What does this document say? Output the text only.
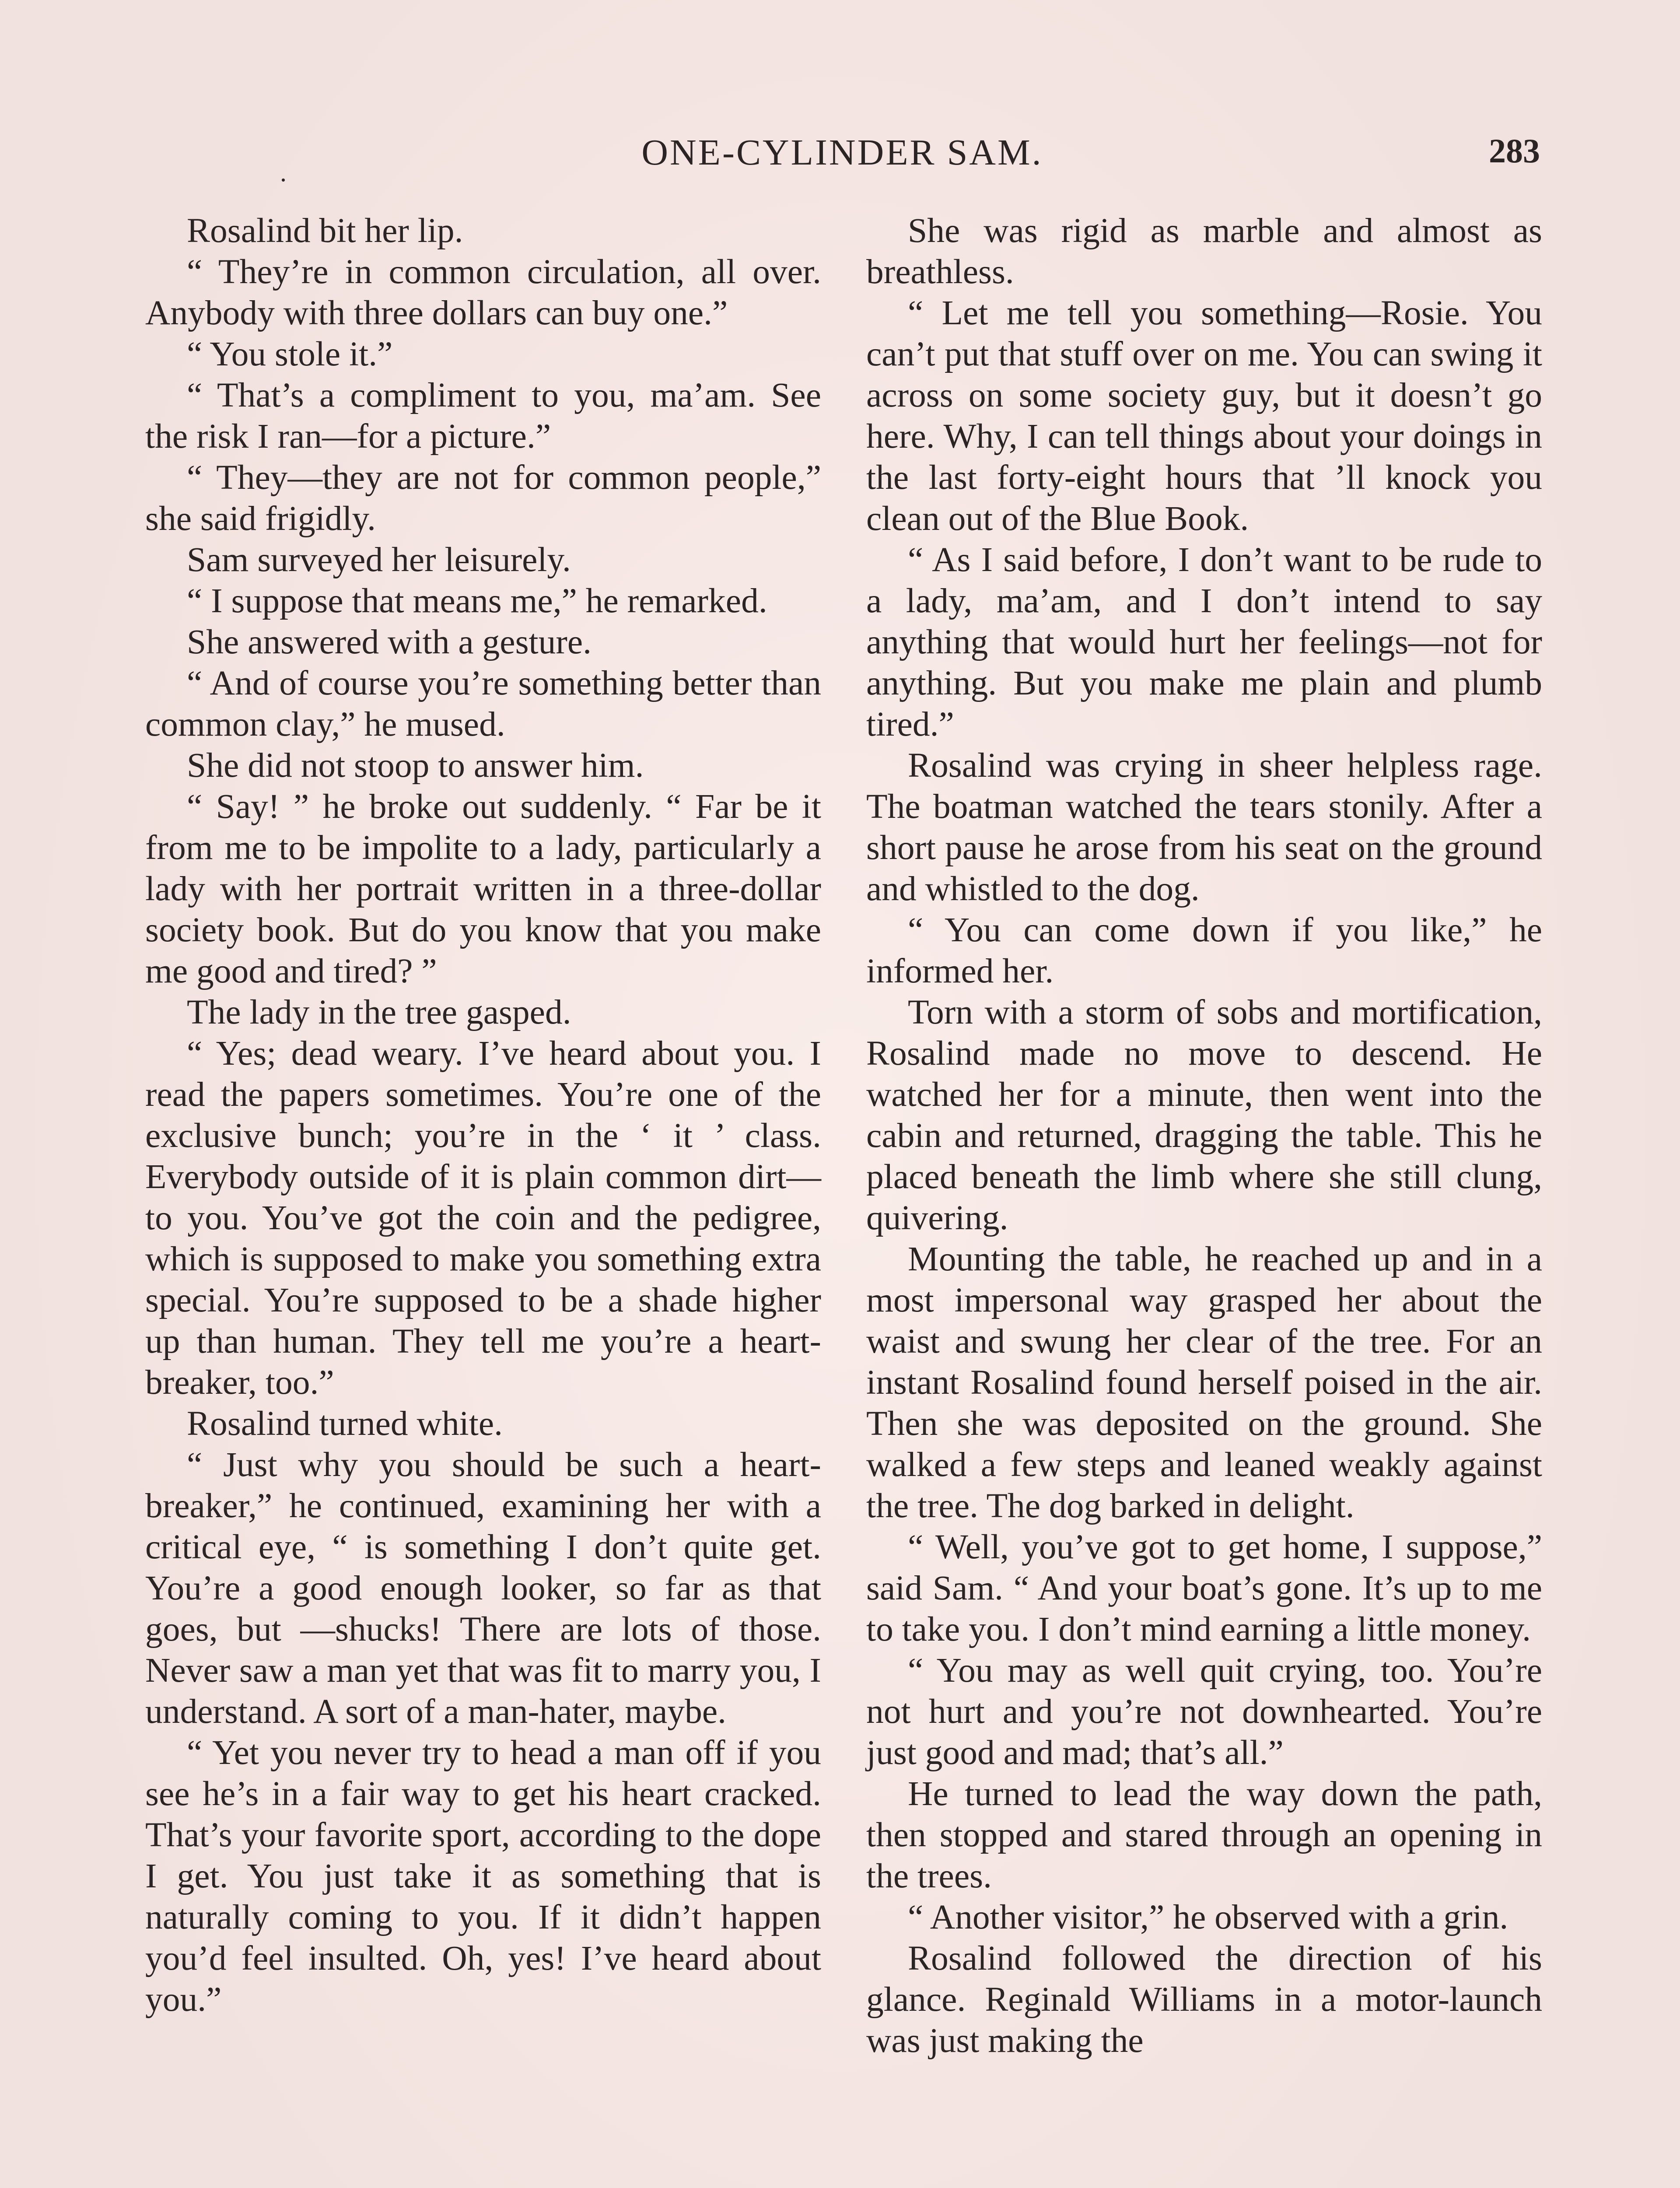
.	ONE-CYLINDER SAM.	283

Rosalind bit her lip.

“ They’re in common circulation, all over. Anybody with three dollars can buy one.”

“ You stole it.”

“ That’s a compliment to you, ma’am. See the risk I ran—for a picture.”

“ They—they are not for common people,” she said frigidly.

Sam surveyed her leisurely.

“ I suppose that means me,” he remarked.

She answered with a gesture.

“ And of course you’re something better than common clay,” he mused.

She did not stoop to answer him.

“ Say! ” he broke out suddenly. “ Far be it from me to be impolite to a lady, particularly a lady with her portrait written in a three-dollar society book. But do you know that you make me good and tired? ”

The lady in the tree gasped.

“ Yes; dead weary. I’ve heard about you. I read the papers sometimes. You’re one of the exclusive bunch; you’re in the ‘ it ’ class. Everybody outside of it is plain common dirt—to you. You’ve got the coin and the pedigree, which is supposed to make you something extra special. You’re supposed to be a shade higher up than human. They tell me you’re a heart-breaker, too.”

Rosalind turned white.

“ Just why you should be such a heart-breaker,” he continued, examining her with a critical eye, “ is something I don’t quite get. You’re a good enough looker, so far as that goes, but —shucks! There are lots of those. Never saw a man yet that was fit to marry you, I understand. A sort of a man-hater, maybe.

“ Yet you never try to head a man off if you see he’s in a fair way to get his heart cracked. That’s your favorite sport, according to the dope I get. You just take it as something that is naturally coming to you. If it didn’t happen you’d feel insulted. Oh, yes! I’ve heard about you.”

She was rigid as marble and almost as breathless.

“ Let me tell you something—Rosie. You can’t put that stuff over on me. You can swing it across on some society guy, but it doesn’t go here. Why, I can tell things about your doings in the last forty-eight hours that ’ll knock you clean out of the Blue Book.

“ As I said before, I don’t want to be rude to a lady, ma’am, and I don’t intend to say anything that would hurt her feelings—not for anything. But you make me plain and plumb tired.”

Rosalind was crying in sheer helpless rage. The boatman watched the tears stonily. After a short pause he arose from his seat on the ground and whistled to the dog.

“ You can come down if you like,” he informed her.

Torn with a storm of sobs and mortification, Rosalind made no move to descend. He watched her for a minute, then went into the cabin and returned, dragging the table. This he placed beneath the limb where she still clung, quivering.

Mounting the table, he reached up and in a most impersonal way grasped her about the waist and swung her clear of the tree. For an instant Rosalind found herself poised in the air. Then she was deposited on the ground. She walked a few steps and leaned weakly against the tree. The dog barked in delight.

“ Well, you’ve got to get home, I suppose,” said Sam. “ And your boat’s gone. It’s up to me to take you. I don’t mind earning a little money.

“ You may as well quit crying, too. You’re not hurt and you’re not downhearted. You’re just good and mad; that’s all.”

He turned to lead the way down the path, then stopped and stared through an opening in the trees.

“ Another visitor,” he observed with a grin.

Rosalind followed the direction of his glance. Reginald Williams in a motor-launch was just making the
